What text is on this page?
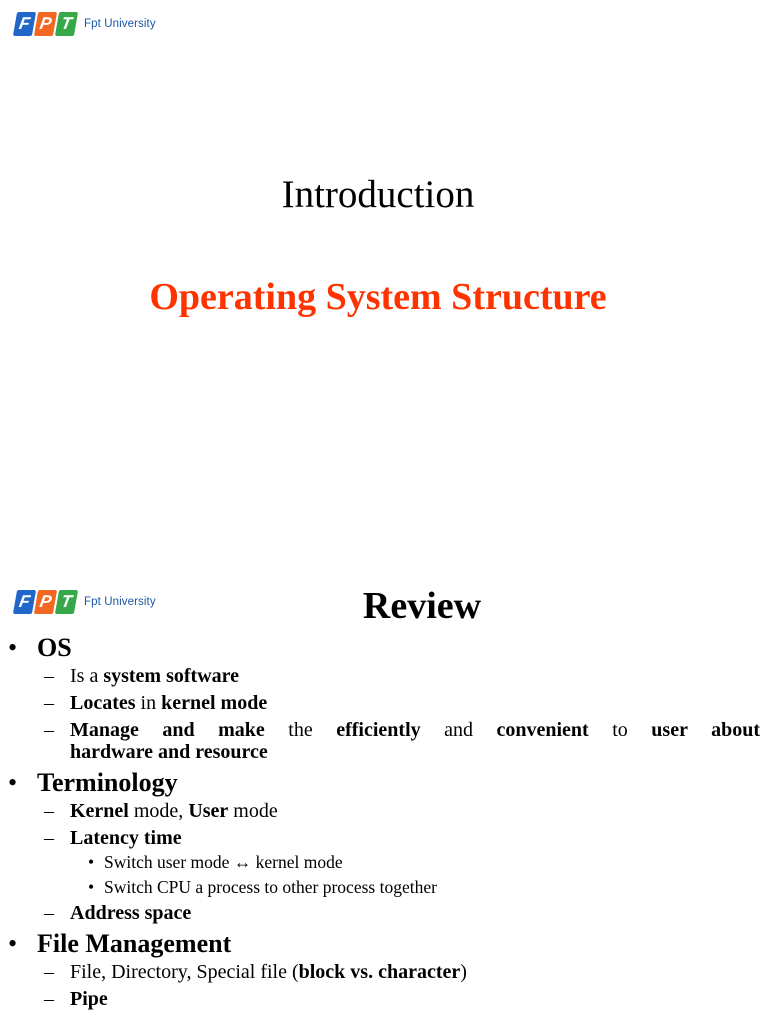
F P T Fpt University
Introduction
Operating System Structure
F P T Fpt University	Review
• OS
– Is a system software
– Locates in kernel mode
– Manage and make the efficiently and convenient to user about
hardware and resource
• Terminology
– Kernel mode, User mode
– Latency time
• Switch user mode ↔ kernel mode
• Switch CPU a process to other process together
– Address space
• File Management
– File, Directory, Special file (block vs. character)
– Pipe
